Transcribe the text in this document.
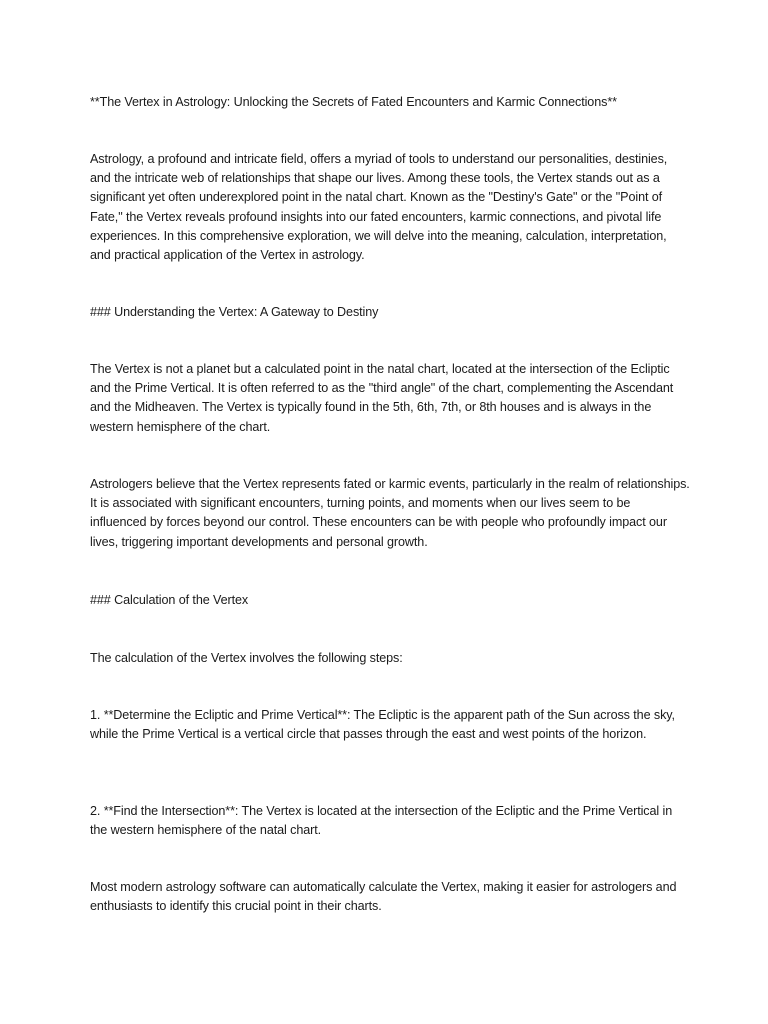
**The Vertex in Astrology: Unlocking the Secrets of Fated Encounters and Karmic Connections**

Astrology, a profound and intricate field, offers a myriad of tools to understand our personalities, destinies, and the intricate web of relationships that shape our lives. Among these tools, the Vertex stands out as a significant yet often underexplored point in the natal chart. Known as the "Destiny's Gate" or the "Point of Fate," the Vertex reveals profound insights into our fated encounters, karmic connections, and pivotal life experiences. In this comprehensive exploration, we will delve into the meaning, calculation, interpretation, and practical application of the Vertex in astrology.

### Understanding the Vertex: A Gateway to Destiny

The Vertex is not a planet but a calculated point in the natal chart, located at the intersection of the Ecliptic and the Prime Vertical. It is often referred to as the "third angle" of the chart, complementing the Ascendant and the Midheaven. The Vertex is typically found in the 5th, 6th, 7th, or 8th houses and is always in the western hemisphere of the chart.

Astrologers believe that the Vertex represents fated or karmic events, particularly in the realm of relationships. It is associated with significant encounters, turning points, and moments when our lives seem to be influenced by forces beyond our control. These encounters can be with people who profoundly impact our lives, triggering important developments and personal growth.

### Calculation of the Vertex

The calculation of the Vertex involves the following steps:

1. **Determine the Ecliptic and Prime Vertical**: The Ecliptic is the apparent path of the Sun across the sky, while the Prime Vertical is a vertical circle that passes through the east and west points of the horizon.

2. **Find the Intersection**: The Vertex is located at the intersection of the Ecliptic and the Prime Vertical in the western hemisphere of the natal chart.

Most modern astrology software can automatically calculate the Vertex, making it easier for astrologers and enthusiasts to identify this crucial point in their charts.
